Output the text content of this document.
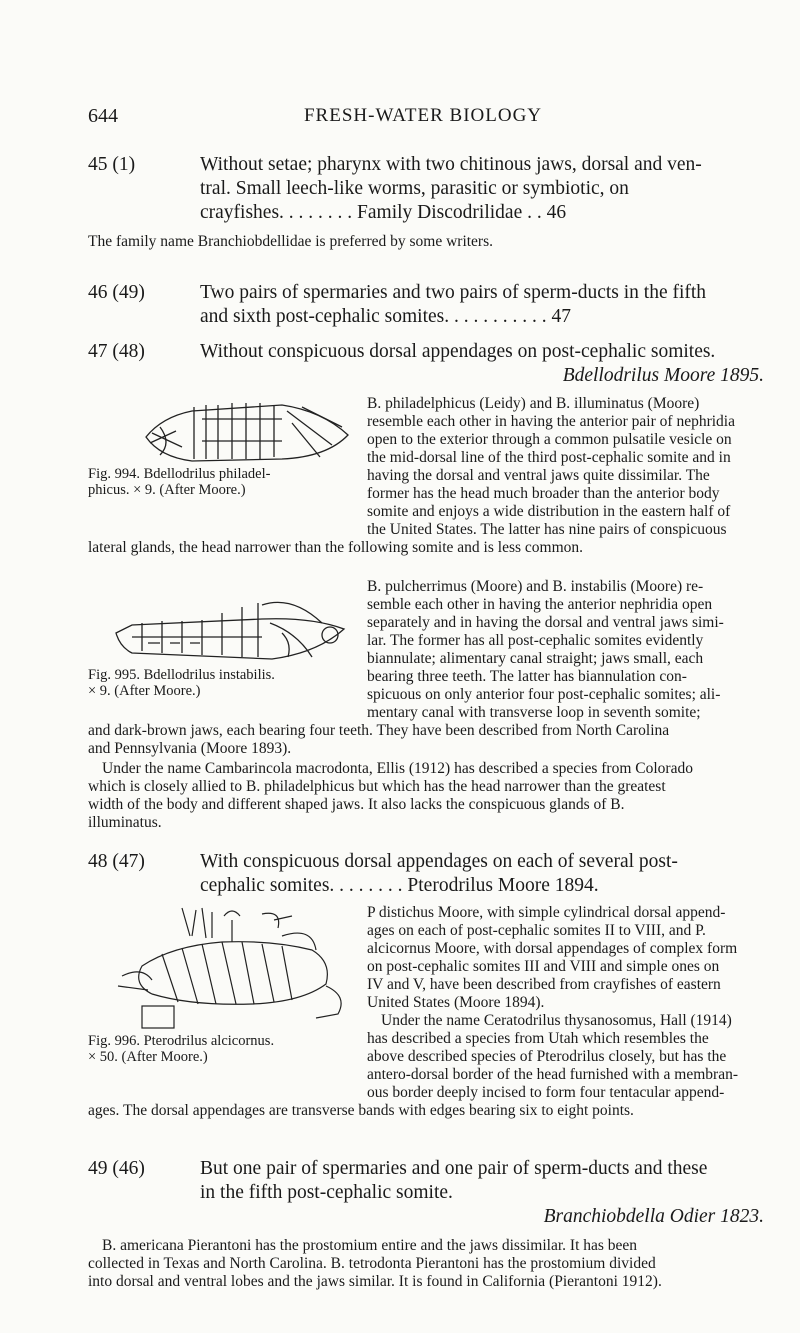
644	FRESH-WATER BIOLOGY
45 (1)	Without setae; pharynx with two chitinous jaws, dorsal and ven-
tral. Small leech-like worms, parasitic or symbiotic, on
crayfishes. . . . . . . . Family Discodrilidae . . 46
The family name Branchiobdellidae is preferred by some writers.
46 (49)	Two pairs of spermaries and two pairs of sperm-ducts in the fifth
and sixth post-cephalic somites. . . . . . . . . . . 47
47 (48)	Without conspicuous dorsal appendages on post-cephalic somites.
Bdellodrilus Moore 1895.
Fig. 994. Bdellodrilus philadel-
phicus. × 9. (After Moore.)
B. philadelphicus (Leidy) and B. illuminatus (Moore)
resemble each other in having the anterior pair of nephridia
open to the exterior through a common pulsatile vesicle on
the mid-dorsal line of the third post-cephalic somite and in
having the dorsal and ventral jaws quite dissimilar. The
former has the head much broader than the anterior body
somite and enjoys a wide distribution in the eastern half of
the United States. The latter has nine pairs of conspicuous
lateral glands, the head narrower than the following somite and is less common.
Fig. 995. Bdellodrilus instabilis.
× 9. (After Moore.)
B. pulcherrimus (Moore) and B. instabilis (Moore) re-
semble each other in having the anterior nephridia open
separately and in having the dorsal and ventral jaws simi-
lar. The former has all post-cephalic somites evidently
biannulate; alimentary canal straight; jaws small, each
bearing three teeth. The latter has biannulation con-
spicuous on only anterior four post-cephalic somites; ali-
mentary canal with transverse loop in seventh somite;
and dark-brown jaws, each bearing four teeth. They have been described from North Carolina
and Pennsylvania (Moore 1893).
Under the name Cambarincola macrodonta, Ellis (1912) has described a species from Colorado
which is closely allied to B. philadelphicus but which has the head narrower than the greatest
width of the body and different shaped jaws. It also lacks the conspicuous glands of B.
illuminatus.
48 (47)	With conspicuous dorsal appendages on each of several post-
cephalic somites. . . . . . . . Pterodrilus Moore 1894.
Fig. 996. Pterodrilus alcicornus.
× 50. (After Moore.)
P distichus Moore, with simple cylindrical dorsal append-
ages on each of post-cephalic somites II to VIII, and P.
alcicornus Moore, with dorsal appendages of complex form
on post-cephalic somites III and VIII and simple ones on
IV and V, have been described from crayfishes of eastern
United States (Moore 1894).
Under the name Ceratodrilus thysanosomus, Hall (1914)
has described a species from Utah which resembles the
above described species of Pterodrilus closely, but has the
antero-dorsal border of the head furnished with a membran-
ous border deeply incised to form four tentacular append-
ages. The dorsal appendages are transverse bands with edges bearing six to eight points.
49 (46)	But one pair of spermaries and one pair of sperm-ducts and these
in the fifth post-cephalic somite.
Branchiobdella Odier 1823.
B. americana Pierantoni has the prostomium entire and the jaws dissimilar. It has been
collected in Texas and North Carolina. B. tetrodonta Pierantoni has the prostomium divided
into dorsal and ventral lobes and the jaws similar. It is found in California (Pierantoni 1912).
